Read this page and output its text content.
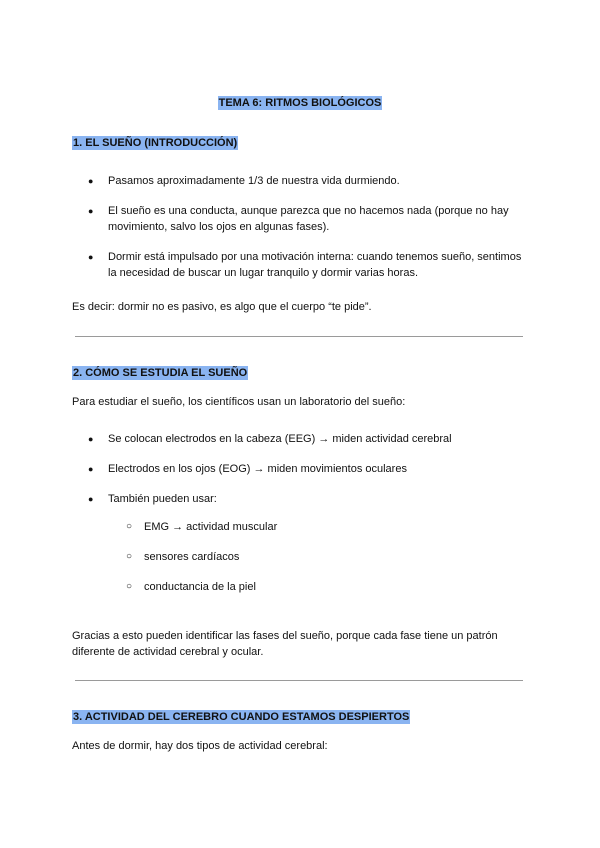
TEMA 6: RITMOS BIOLÓGICOS
1. EL SUEÑO (INTRODUCCIÓN)
● Pasamos aproximadamente 1/3 de nuestra vida durmiendo.
● El sueño es una conducta, aunque parezca que no hacemos nada (porque no hay movimiento, salvo los ojos en algunas fases).
● Dormir está impulsado por una motivación interna: cuando tenemos sueño, sentimos la necesidad de buscar un lugar tranquilo y dormir varias horas.
Es decir: dormir no es pasivo, es algo que el cuerpo “te pide”.
2. CÓMO SE ESTUDIA EL SUEÑO
Para estudiar el sueño, los científicos usan un laboratorio del sueño:
● Se colocan electrodos en la cabeza (EEG) → miden actividad cerebral
● Electrodos en los ojos (EOG) → miden movimientos oculares
● También pueden usar:
○ EMG → actividad muscular
○ sensores cardíacos
○ conductancia de la piel
Gracias a esto pueden identificar las fases del sueño, porque cada fase tiene un patrón diferente de actividad cerebral y ocular.
3. ACTIVIDAD DEL CEREBRO CUANDO ESTAMOS DESPIERTOS
Antes de dormir, hay dos tipos de actividad cerebral:
